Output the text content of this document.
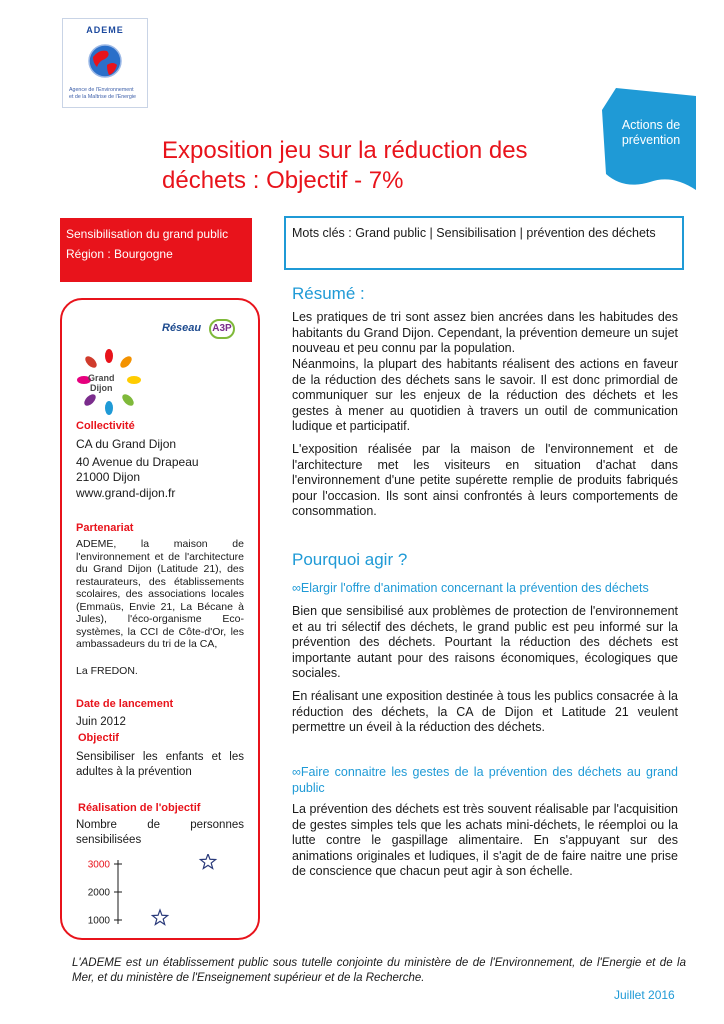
ADEME
Agence de l'Environnement
et de la Maîtrise de l'Energie
Actions de
prévention
Exposition jeu sur la réduction des
déchets : Objectif - 7%
Sensibilisation du grand public
Région : Bourgogne
Mots clés : Grand public | Sensibilisation | prévention des déchets
Réseau	A3P
Grand
Dijon
Collectivité
CA du Grand Dijon
40 Avenue du Drapeau
21000 Dijon
www.grand-dijon.fr
Partenariat
ADEME, la maison de l'environnement et de l'architecture du Grand Dijon (Latitude 21), des restaurateurs, des établissements scolaires, des associations locales (Emmaüs, Envie 21, La Bécane à Jules), l'éco-organisme Eco-systèmes, la CCI de Côte-d'Or, les ambassadeurs du tri de la CA,
La FREDON.
Date de lancement
Juin 2012
Objectif
Sensibiliser les enfants et les adultes à la prévention
Réalisation de l'objectif
Nombre de personnes sensibilisées
3000
2000
1000
Résumé :
Les pratiques de tri sont assez bien ancrées dans les habitudes des habitants du Grand Dijon. Cependant, la prévention demeure un sujet nouveau et peu connu par la population.
Néanmoins, la plupart des habitants réalisent des actions en faveur de la réduction des déchets sans le savoir. Il est donc primordial de communiquer sur les enjeux de la réduction des déchets et les gestes à mener au quotidien à travers un outil de communication ludique et participatif.
L'exposition réalisée par la maison de l'environnement et de l'architecture met les visiteurs en situation d'achat dans l'environnement d'une petite supérette remplie de produits fabriqués pour l'occasion. Ils sont ainsi confrontés à leurs comportements de consommation.
Pourquoi agir ?
∞Elargir l'offre d'animation concernant la prévention des déchets
Bien que sensibilisé aux problèmes de protection de l'environnement et au tri sélectif des déchets, le grand public est peu informé sur la prévention des déchets. Pourtant la réduction des déchets est importante autant pour des raisons économiques, écologiques que sociales.
En réalisant une exposition destinée à tous les publics consacrée à la réduction des déchets, la CA de Dijon et Latitude 21 veulent permettre un éveil à la réduction des déchets.
∞Faire connaitre les gestes de la prévention des déchets au grand public
La prévention des déchets est très souvent réalisable par l'acquisition de gestes simples tels que les achats mini-déchets, le réemploi ou la lutte contre le gaspillage alimentaire. En s'appuyant sur des animations originales et ludiques, il s'agit de de faire naitre une prise de conscience que chacun peut agir à son échelle.
L'ADEME est un établissement public sous tutelle conjointe du ministère de de l'Environnement, de l'Energie et de la Mer, et du ministère de l'Enseignement supérieur et de la Recherche.
Juillet 2016
